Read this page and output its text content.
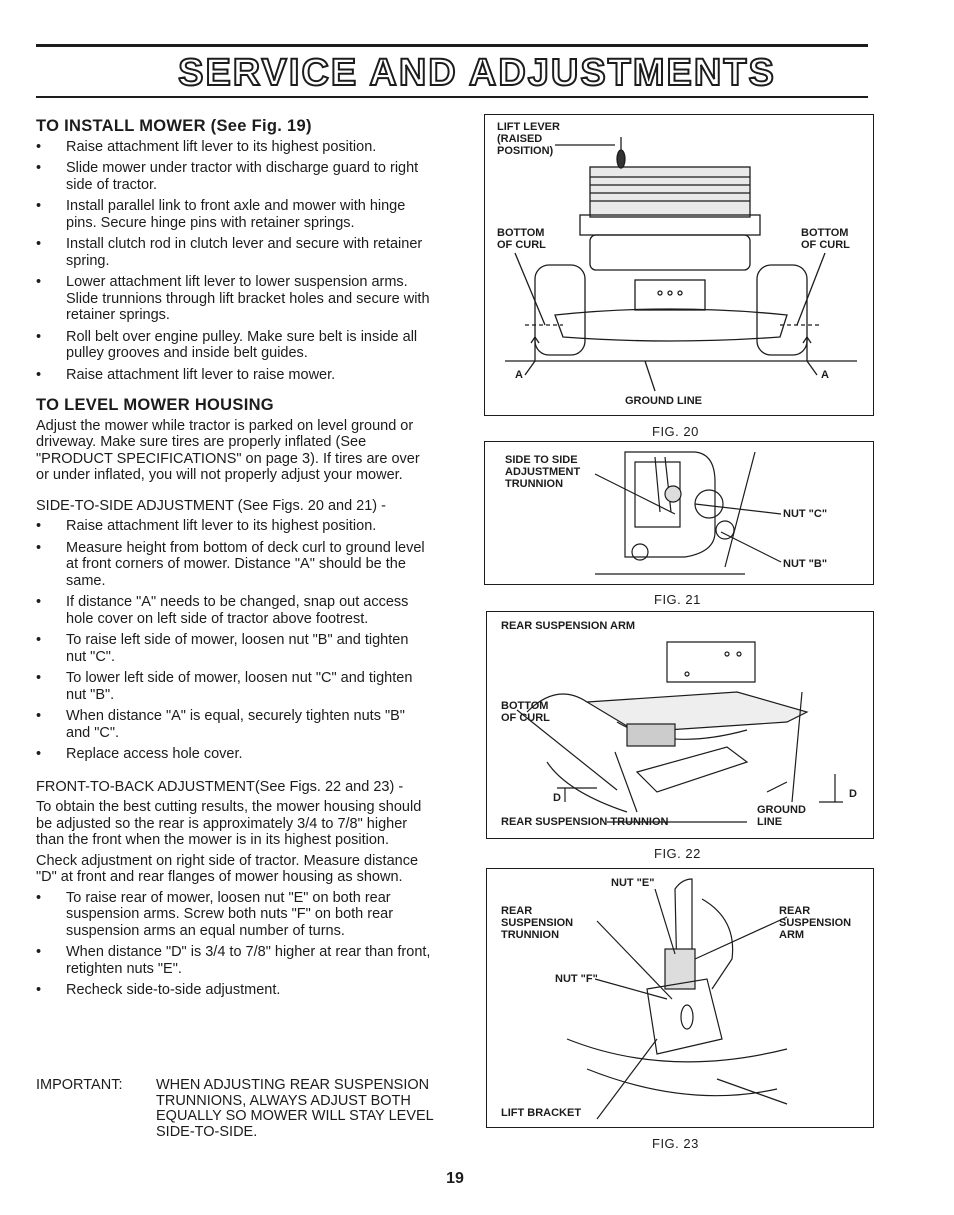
SERVICE AND ADJUSTMENTS
TO INSTALL MOWER (See Fig. 19)
• Raise attachment lift lever to its highest position.
• Slide mower under tractor with discharge guard to right side of tractor.
• Install parallel link to front axle and mower with hinge pins. Secure hinge pins with retainer springs.
• Install clutch rod in clutch lever and secure with retainer spring.
• Lower attachment lift lever to lower suspension arms. Slide trunnions through lift bracket holes and secure with retainer springs.
• Roll belt over engine pulley. Make sure belt is inside all pulley grooves and inside belt guides.
• Raise attachment lift lever to raise mower.
TO LEVEL MOWER HOUSING

Adjust the mower while tractor is parked on level ground or driveway. Make sure tires are properly inflated (See "PRODUCT SPECIFICATIONS" on page 3). If tires are over or under inflated, you will not properly adjust your mower.

SIDE-TO-SIDE ADJUSTMENT (See Figs. 20 and 21) -

• Raise attachment lift lever to its highest position.
• Measure height from bottom of deck curl to ground level at front corners of mower. Distance "A" should be the same.
• If distance "A" needs to be changed, snap out access hole cover on left side of tractor above footrest.
• To raise left side of mower, loosen nut "B" and tighten nut "C".
• To lower left side of mower, loosen nut "C" and tighten nut "B".
• When distance "A" is equal, securely tighten nuts "B" and "C".
• Replace access hole cover.

FRONT-TO-BACK ADJUSTMENT(See Figs. 22 and 23) -

To obtain the best cutting results, the mower housing should be adjusted so the rear is approximately 3/4 to 7/8" higher than the front when the mower is in its highest position.

Check adjustment on right side of tractor. Measure distance "D" at front and rear flanges of mower housing as shown.

• To raise rear of mower, loosen nut "E" on both rear suspension arms. Screw both nuts "F" on both rear suspension arms an equal number of turns.
• When distance "D" is 3/4 to 7/8" higher at rear than front, retighten nuts "E".
• Recheck side-to-side adjustment.
IMPORTANT: WHEN ADJUSTING REAR SUSPENSION TRUNNIONS, ALWAYS ADJUST BOTH EQUALLY SO MOWER WILL STAY LEVEL SIDE-TO-SIDE.
LIFT LEVER
(RAISED
POSITION)
BOTTOM
OF CURL
BOTTOM
OF CURL
A	A
GROUND LINE
FIG. 20
SIDE TO SIDE
ADJUSTMENT
TRUNNION
NUT "C"
NUT "B"
FIG. 21
REAR SUSPENSION ARM
BOTTOM
OF CURL
D	D
GROUND
LINE
REAR SUSPENSION TRUNNION
FIG. 22
NUT "E"
REAR
SUSPENSION
TRUNNION
REAR
SUSPENSION
ARM
NUT "F"
LIFT BRACKET
FIG. 23
19
